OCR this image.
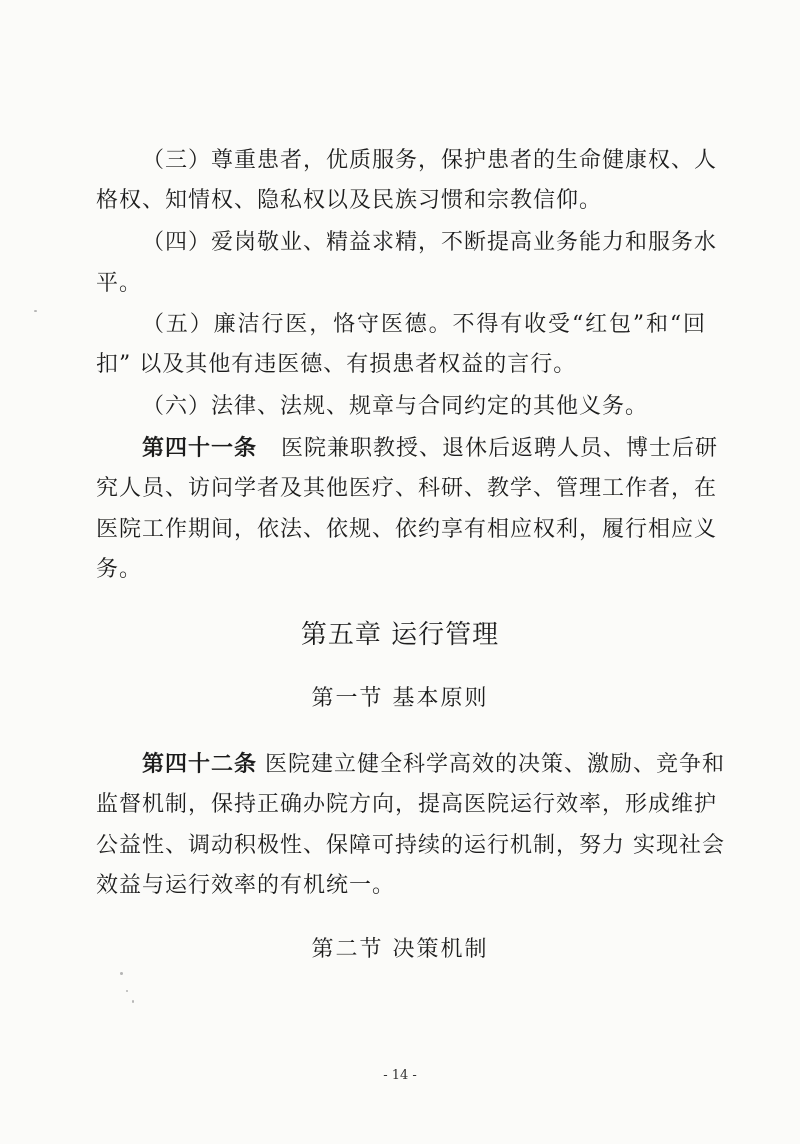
（三）尊重患者，优质服务，保护患者的生命健康权、人
格权、知情权、隐私权以及民族习惯和宗教信仰。
（四）爱岗敬业、精益求精，不断提高业务能力和服务水
平。
（五）廉洁行医，恪守医德。不得有收受“红包”和“回
扣” 以及其他有违医德、有损患者权益的言行。
（六）法律、法规、规章与合同约定的其他义务。
第四十一条 医院兼职教授、退休后返聘人员、博士后研
究人员、访问学者及其他医疗、科研、教学、管理工作者，在
医院工作期间，依法、依规、依约享有相应权利，履行相应义
务。
第五章 运行管理
第一节 基本原则
第四十二条 医院建立健全科学高效的决策、激励、竞争和
监督机制，保持正确办院方向，提高医院运行效率，形成维护
公益性、调动积极性、保障可持续的运行机制，努力 实现社会
效益与运行效率的有机统一。
第二节 决策机制
- 14 -
